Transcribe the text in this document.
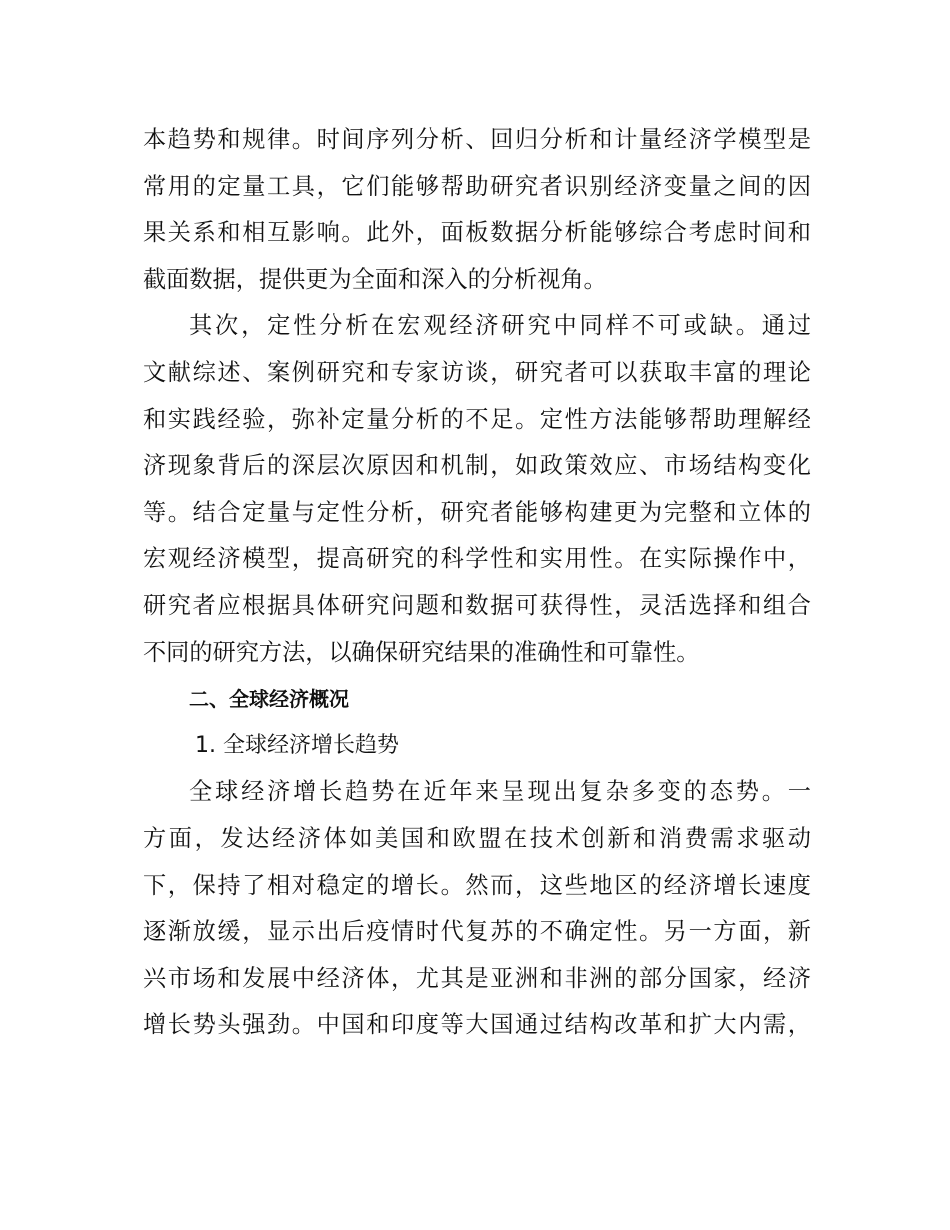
本趋势和规律。时间序列分析、回归分析和计量经济学模型是
常用的定量工具，它们能够帮助研究者识别经济变量之间的因
果关系和相互影响。此外，面板数据分析能够综合考虑时间和
截面数据，提供更为全面和深入的分析视角。
其次，定性分析在宏观经济研究中同样不可或缺。通过
文献综述、案例研究和专家访谈，研究者可以获取丰富的理论
和实践经验，弥补定量分析的不足。定性方法能够帮助理解经
济现象背后的深层次原因和机制，如政策效应、市场结构变化
等。结合定量与定性分析，研究者能够构建更为完整和立体的
宏观经济模型，提高研究的科学性和实用性。在实际操作中，
研究者应根据具体研究问题和数据可获得性，灵活选择和组合
不同的研究方法，以确保研究结果的准确性和可靠性。
二、全球经济概况
1. 全球经济增长趋势
全球经济增长趋势在近年来呈现出复杂多变的态势。一
方面，发达经济体如美国和欧盟在技术创新和消费需求驱动
下，保持了相对稳定的增长。然而，这些地区的经济增长速度
逐渐放缓，显示出后疫情时代复苏的不确定性。另一方面，新
兴市场和发展中经济体，尤其是亚洲和非洲的部分国家，经济
增长势头强劲。中国和印度等大国通过结构改革和扩大内需，
